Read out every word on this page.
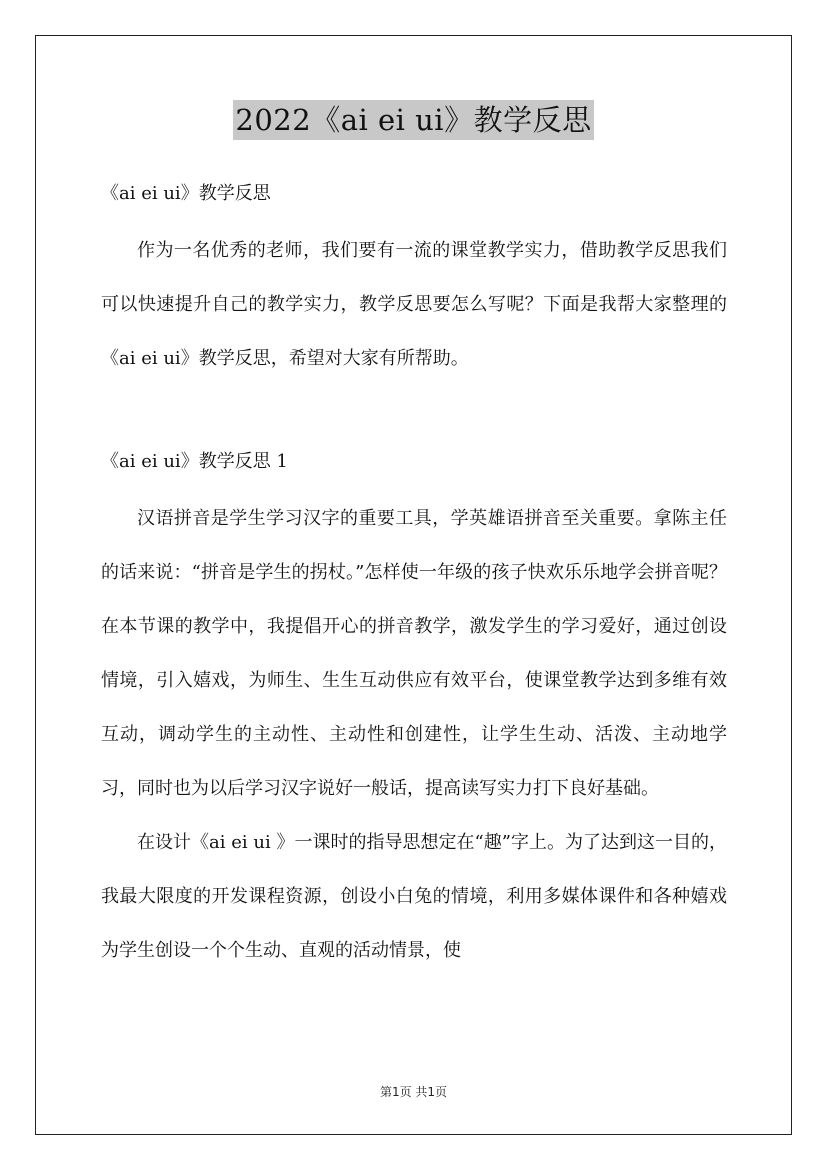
2022《ai ei ui》教学反思

《ai ei ui》教学反思

作为一名优秀的老师，我们要有一流的课堂教学实力，借助教学反思我们可以快速提升自己的教学实力，教学反思要怎么写呢？下面是我帮大家整理的《ai ei ui》教学反思，希望对大家有所帮助。

《ai ei ui》教学反思 1

汉语拼音是学生学习汉字的重要工具，学英雄语拼音至关重要。拿陈主任的话来说：“拼音是学生的拐杖。”怎样使一年级的孩子快欢乐乐地学会拼音呢？在本节课的教学中，我提倡开心的拼音教学，激发学生的学习爱好，通过创设情境，引入嬉戏，为师生、生生互动供应有效平台，使课堂教学达到多维有效互动，调动学生的主动性、主动性和创建性，让学生生动、活泼、主动地学习，同时也为以后学习汉字说好一般话，提高读写实力打下良好基础。

在设计《ai ei ui 》一课时的指导思想定在“趣”字上。为了达到这一目的，我最大限度的开发课程资源，创设小白兔的情境，利用多媒体课件和各种嬉戏为学生创设一个个生动、直观的活动情景，使

第1页 共1页
